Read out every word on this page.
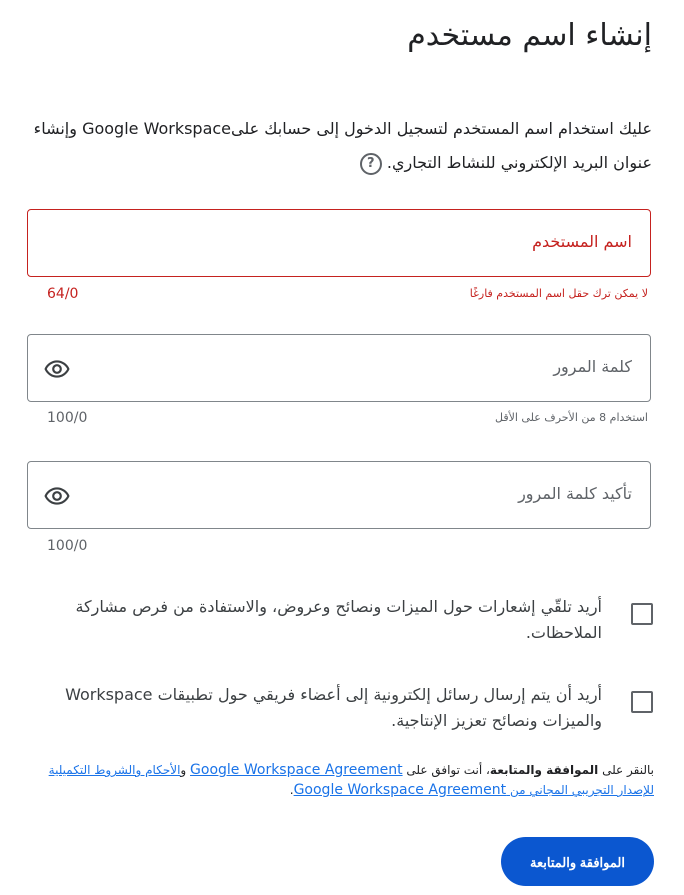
إنشاء اسم مستخدم
عليك استخدام اسم المستخدم لتسجيل الدخول إلى حسابك علىGoogle Workspace وإنشاء عنوان البريد الإلكتروني للنشاط التجاري. ?
اسم المستخدم
لا يمكن ترك حقل اسم المستخدم فارغًا
64/0
كلمة المرور
استخدام 8 من الأحرف على الأقل
100/0
تأكيد كلمة المرور
100/0
أريد تلقّي إشعارات حول الميزات ونصائح وعروض، والاستفادة من فرص مشاركة الملاحظات.
أريد أن يتم إرسال رسائل إلكترونية إلى أعضاء فريقي حول تطبيقات Workspace والميزات ونصائح تعزيز الإنتاجية.
بالنقر على الموافقة والمتابعة، أنت توافق على Google Workspace Agreement والأحكام والشروط التكميلية للإصدار التجريبي المجاني من Google Workspace Agreement.
الموافقة والمتابعة
